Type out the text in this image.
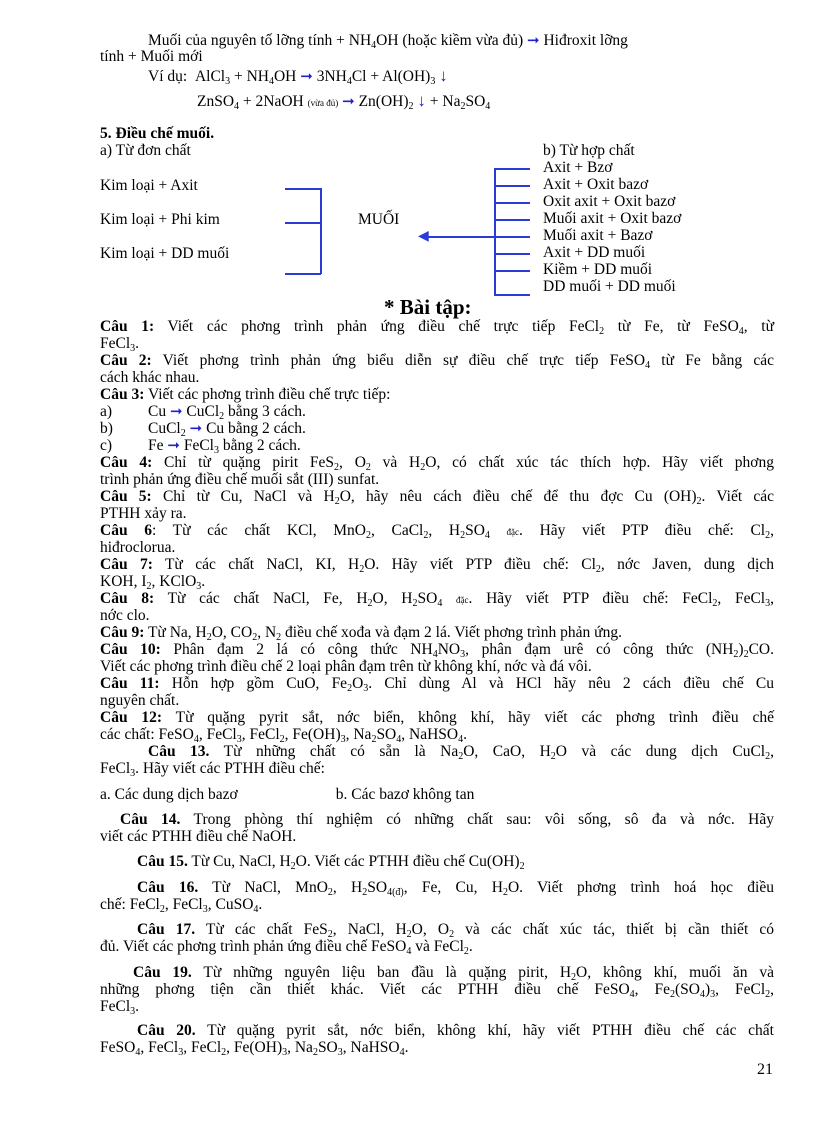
Muối của nguyên tố lỡng tính + $NH_4OH$ (hoặc kiềm vừa đủ) ➞ Hiđroxit lỡng
tính + Muối mới
Ví dụ: AlCl$_3$ + $NH_4OH$ ➞ $3NH_4Cl + Al(OH)_3$ ↓
ZnSO$_4$ + 2NaOH (vừa đủ) ➞ $Zn(OH)_2$ ↓ + $Na_2SO_4$
5. Điều chế muối.
a) Từ đơn chất	b) Từ hợp chất
Kim loại + Axit
Kim loại + Phi kim
Kim loại + DD muối
MUỐI
◀
Axit + Bzơ
Axit + Oxit bazơ
Oxit axit + Oxit bazơ
Muối axit + Oxit bazơ
Muối axit + Bazơ
Axit + DD muối
Kiềm + DD muối
DD muối + DD muối
* Bài tập:
Câu 1: Viết các phơng trình phản ứng điều chế trực tiếp FeCl$_2$ từ Fe, từ FeSO$_4$, từ
FeCl$_3$.
Câu 2: Viết phơng trình phản ứng biểu diễn sự điều chế trực tiếp FeSO$_4$ từ Fe bằng các
cách khác nhau.
Câu 3: Viết các phơng trình điều chế trực tiếp:
a) Cu ➞ CuCl$_2$ bằng 3 cách.
b) CuCl$_2$ ➞ Cu bằng 2 cách.
c) Fe ➞ FeCl$_3$ bằng 2 cách.
Câu 4: Chỉ từ quặng pirit FeS$_2$, $O_2$ và $H_2O$, có chất xúc tác thích hợp. Hãy viết phơng
trình phản ứng điều chế muối sắt (III) sunfat.
Câu 5: Chỉ từ Cu, NaCl và $H_2O$, hãy nêu cách điều chế để thu đợc Cu $(OH)_2$. Viết các
PTHH xảy ra.
Câu 6: Từ các chất KCl, MnO$_2$, CaCl$_2$, $H_2SO_4$ đặc. Hãy viết PTP điều chế: $Cl_2$,
hiđroclorua.
Câu 7: Từ các chất NaCl, KI, $H_2O$. Hãy viết PTP điều chế: $Cl_2$, nớc Javen, dung dịch
KOH, $I_2$, KClO$_3$.
Câu 8: Từ các chất NaCl, Fe, $H_2O$, $H_2SO_4$ đặc. Hãy viết PTP điều chế: FeCl$_2$, FeCl$_3$,
nớc clo.
Câu 9: Từ Na, $H_2O$, $CO_2$, $N_2$ điều chế xođa và đạm 2 lá. Viết phơng trình phản ứng.
Câu 10: Phân đạm 2 lá có công thức $NH_4NO_3$, phân đạm urê có công thức $(NH_2)_2CO$.
Viết các phơng trình điều chế 2 loại phân đạm trên từ không khí, nớc và đá vôi.
Câu 11: Hỗn hợp gồm CuO, $Fe_2O_3$. Chỉ dùng Al và HCl hãy nêu 2 cách điều chế Cu
nguyên chất.
Câu 12: Từ quặng pyrit sắt, nớc biển, không khí, hãy viết các phơng trình điều chế
các chất: FeSO$_4$, FeCl$_3$, FeCl$_2$, $Fe(OH)_3$, $Na_2SO_4$, NaHSO$_4$.
Câu 13. Từ những chất có sẵn là $Na_2O$, CaO, $H_2O$ và các dung dịch CuCl$_2$,
FeCl$_3$. Hãy viết các PTHH điều chế:
a. Các dung dịch bazơ	b. Các bazơ không tan
Câu 14. Trong phòng thí nghiệm có những chất sau: vôi sống, sô đa và nớc. Hãy
viết các PTHH điều chế NaOH.
Câu 15. Từ Cu, NaCl, $H_2O$. Viết các PTHH điều chế $Cu(OH)_2$
Câu 16. Từ NaCl, MnO$_2$, $H_2SO_{4(đ)}$, Fe, Cu, $H_2O$. Viết phơng trình hoá học điều
chế: FeCl$_2$, FeCl$_3$, CuSO$_4$.
Câu 17. Từ các chất FeS$_2$, NaCl, $H_2O$, $O_2$ và các chất xúc tác, thiết bị cần thiết có
đủ. Viết các phơng trình phản ứng điều chế FeSO$_4$ và FeCl$_2$.
Câu 19. Từ những nguyên liệu ban đầu là quặng pirit, $H_2O$, không khí, muối ăn và
những phơng tiện cần thiết khác. Viết các PTHH điều chế FeSO$_4$, $Fe_2(SO_4)_3$, FeCl$_2$,
FeCl$_3$.
Câu 20. Từ quặng pyrit sắt, nớc biển, không khí, hãy viết PTHH điều chế các chất
FeSO$_4$, FeCl$_3$, FeCl$_2$, $Fe(OH)_3$, $Na_2SO_3$, NaHSO$_4$.
21
